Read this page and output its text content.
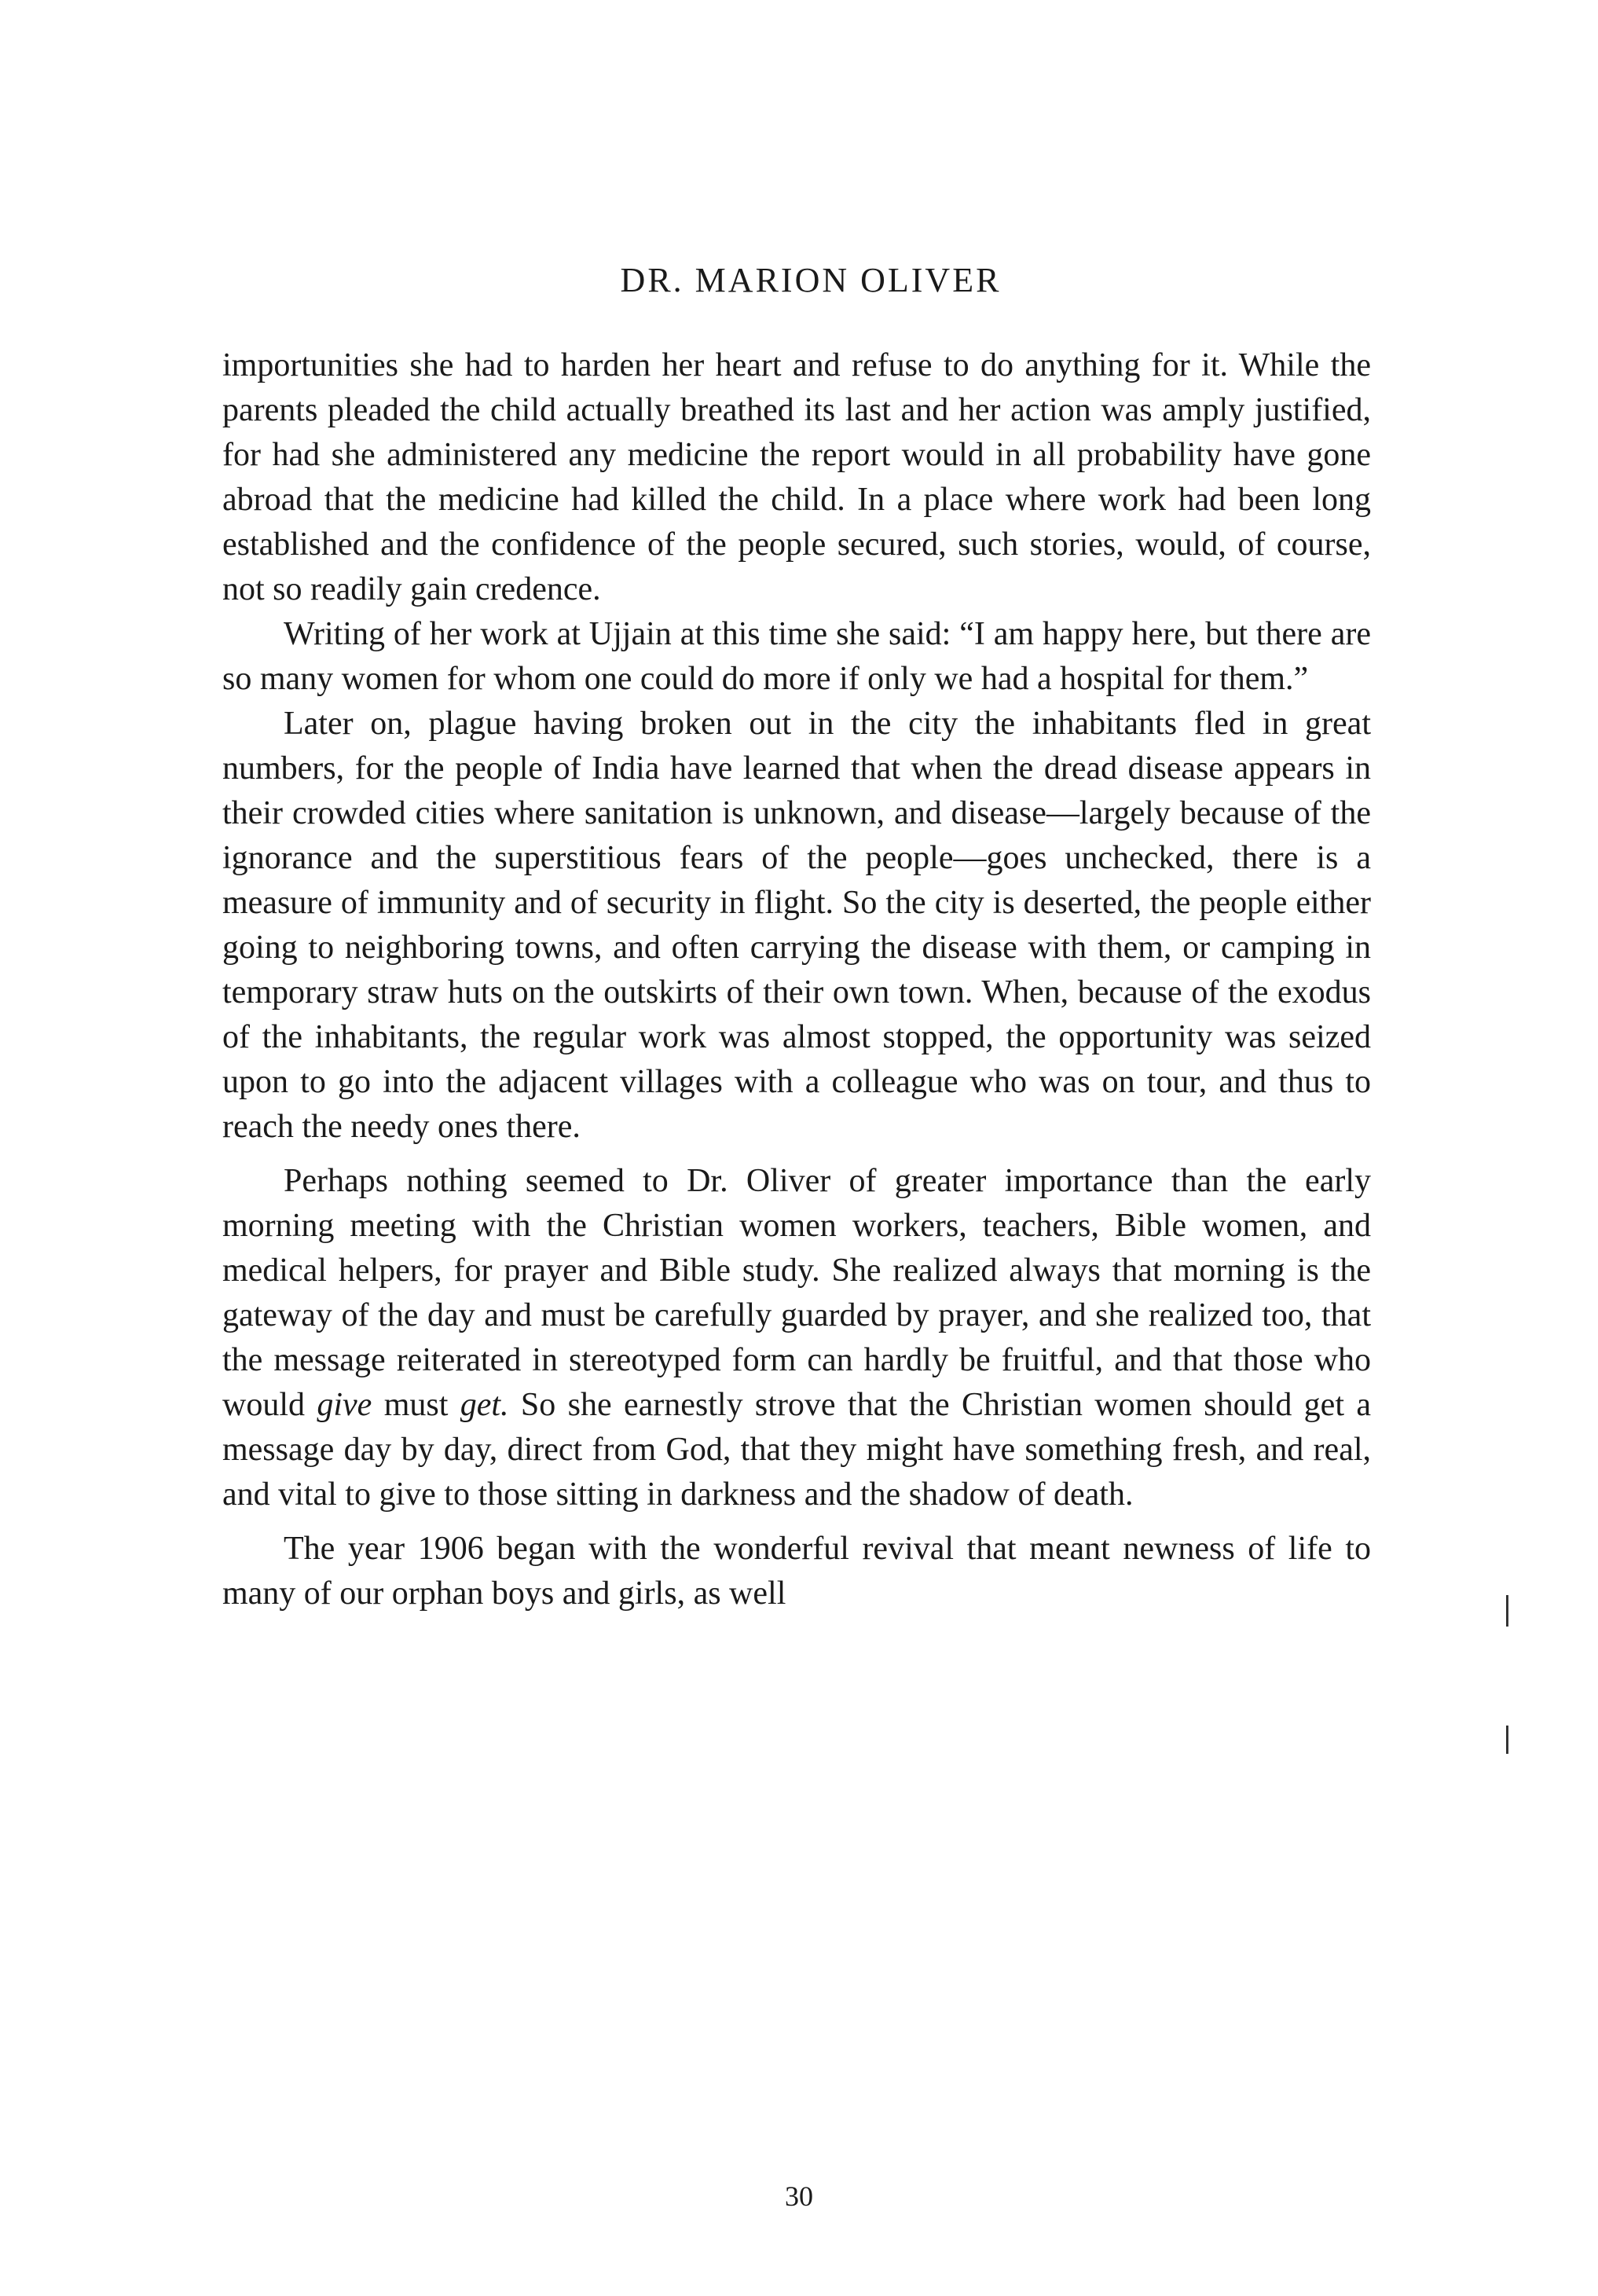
DR. MARION OLIVER

importunities she had to harden her heart and refuse to do anything for it. While the parents pleaded the child actually breathed its last and her action was amply justified, for had she administered any medicine the report would in all probability have gone abroad that the medicine had killed the child. In a place where work had been long established and the confidence of the people secured, such stories, would, of course, not so readily gain credence.

Writing of her work at Ujjain at this time she said: “I am happy here, but there are so many women for whom one could do more if only we had a hospital for them.”

Later on, plague having broken out in the city the inhabitants fled in great numbers, for the people of India have learned that when the dread disease appears in their crowded cities where sanitation is unknown, and disease—largely because of the ignorance and the superstitious fears of the people—goes unchecked, there is a measure of immunity and of security in flight. So the city is deserted, the people either going to neighboring towns, and often carrying the disease with them, or camping in temporary straw huts on the outskirts of their own town. When, because of the exodus of the inhabitants, the regular work was almost stopped, the opportunity was seized upon to go into the adjacent villages with a colleague who was on tour, and thus to reach the needy ones there.

Perhaps nothing seemed to Dr. Oliver of greater importance than the early morning meeting with the Christian women workers, teachers, Bible women, and medical helpers, for prayer and Bible study. She realized always that morning is the gateway of the day and must be carefully guarded by prayer, and she realized too, that the message reiterated in stereotyped form can hardly be fruitful, and that those who would give must get. So she earnestly strove that the Christian women should get a message day by day, direct from God, that they might have something fresh, and real, and vital to give to those sitting in darkness and the shadow of death.

The year 1906 began with the wonderful revival that meant newness of life to many of our orphan boys and girls, as well

30
